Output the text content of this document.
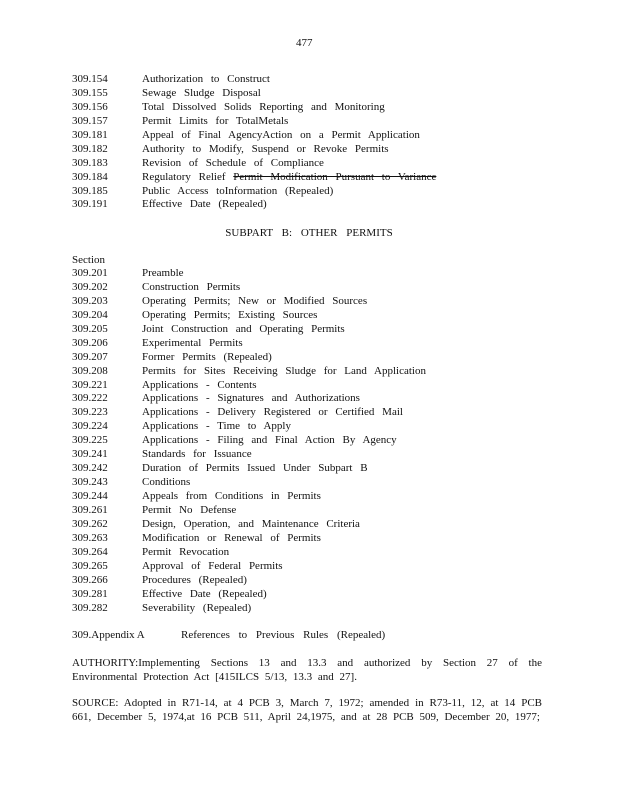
477
309.154	Authorization to Construct
309.155	Sewage Sludge Disposal
309.156	Total Dissolved Solids Reporting and Monitoring
309.157	Permit Limits for TotalMetals
309.181	Appeal of Final AgencyAction on a Permit Application
309.182	Authority to Modify, Suspend or Revoke Permits
309.183	Revision of Schedule of Compliance
309.184	Regulatory Relief Permit Modification Pursuant to Variance
309.185	Public Access toInformation (Repealed)
309.191	Effective Date (Repealed)
SUBPART B: OTHER PERMITS
Section
309.201	Preamble
309.202	Construction Permits
309.203	Operating Permits; New or Modified Sources
309.204	Operating Permits; Existing Sources
309.205	Joint Construction and Operating Permits
309.206	Experimental Permits
309.207	Former Permits (Repealed)
309.208	Permits for Sites Receiving Sludge for Land Application
309.221	Applications - Contents
309.222	Applications - Signatures and Authorizations
309.223	Applications - Delivery Registered or Certified Mail
309.224	Applications - Time to Apply
309.225	Applications - Filing and Final Action By Agency
309.241	Standards for Issuance
309.242	Duration of Permits Issued Under Subpart B
309.243	Conditions
309.244	Appeals from Conditions in Permits
309.261	Permit No Defense
309.262	Design, Operation, and Maintenance Criteria
309.263	Modification or Renewal of Permits
309.264	Permit Revocation
309.265	Approval of Federal Permits
309.266	Procedures (Repealed)
309.281	Effective Date (Repealed)
309.282	Severability (Repealed)
309.Appendix A	References to Previous Rules (Repealed)
AUTHORITY:Implementing Sections 13 and 13.3 and authorized by Section 27 of the Environmental Protection Act [415ILCS 5/13, 13.3 and 27].
SOURCE: Adopted in R71-14, at 4 PCB 3, March 7, 1972; amended in R73-11, 12, at 14 PCB 661, December 5, 1974,at 16 PCB 511, April 24,1975, and at 28 PCB 509, December 20, 1977;
